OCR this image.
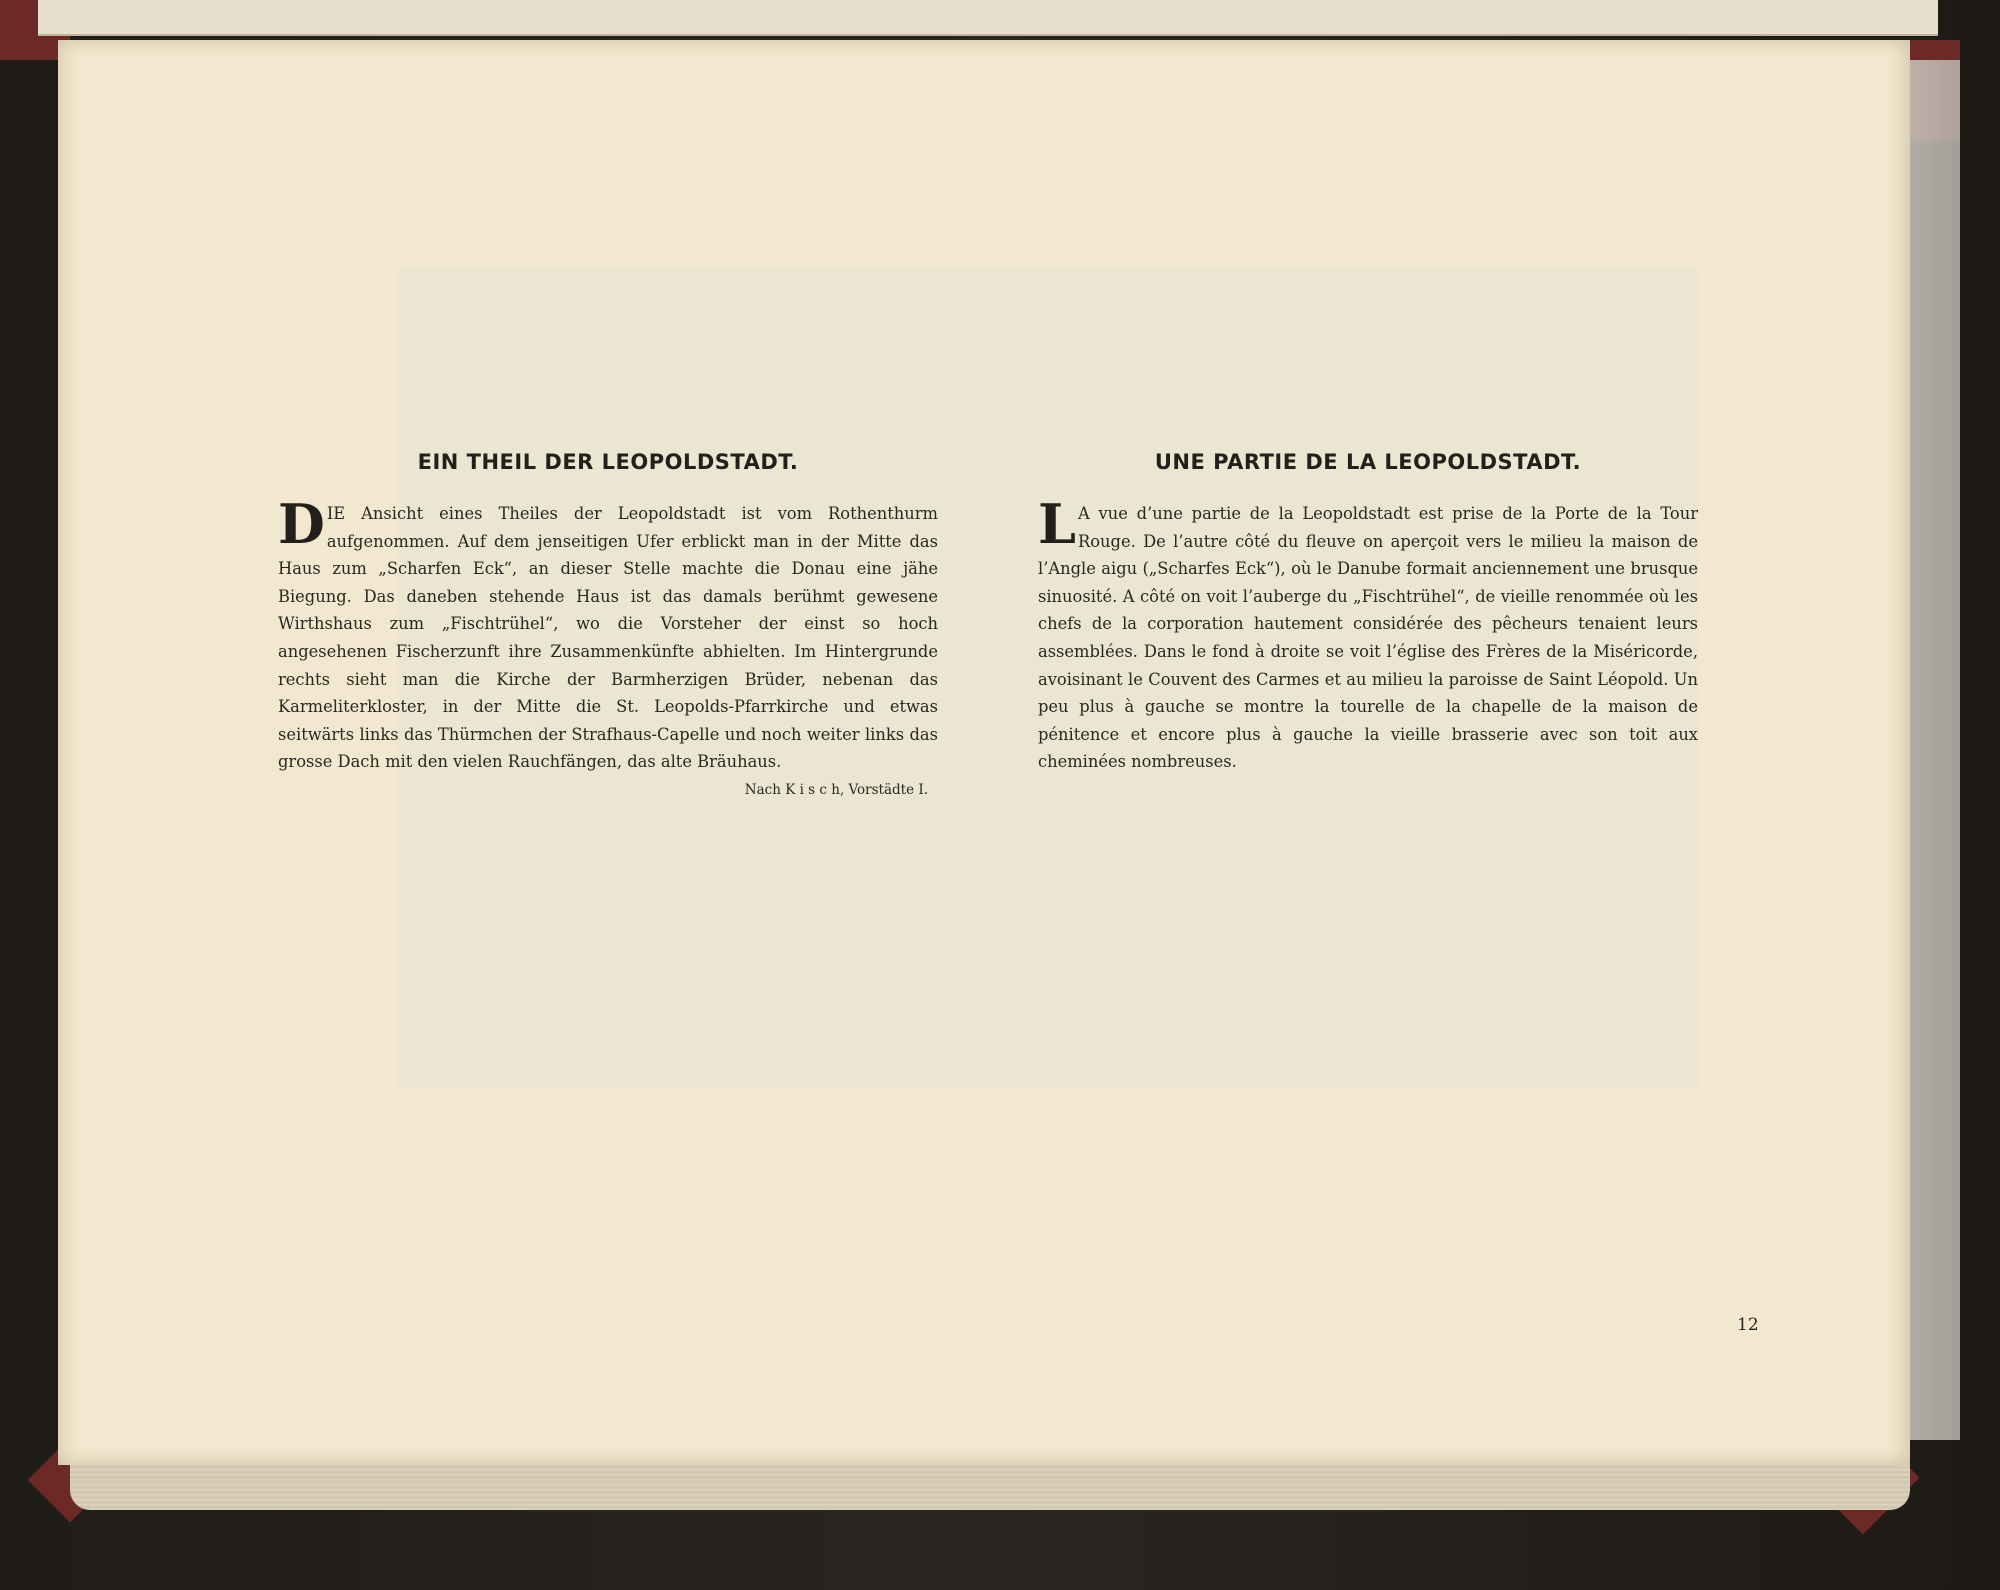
EIN THEIL DER LEOPOLDSTADT.

DIE Ansicht eines Theiles der Leopoldstadt ist vom Rothenthurm aufgenommen. Auf dem jenseitigen Ufer erblickt man in der Mitte das Haus zum „Scharfen Eck“, an dieser Stelle machte die Donau eine jähe Biegung. Das daneben stehende Haus ist das damals berühmt gewesene Wirthshaus zum „Fischtrühel“, wo die Vorsteher der einst so hoch angesehenen Fischerzunft ihre Zusammenkünfte abhielten. Im Hintergrunde rechts sieht man die Kirche der Barmherzigen Brüder, nebenan das Karmeliterkloster, in der Mitte die St. Leopolds-Pfarrkirche und etwas seitwärts links das Thürmchen der Strafhaus-Capelle und noch weiter links das grosse Dach mit den vielen Rauchfängen, das alte Bräuhaus.

Nach K i s c h, Vorstädte I.
UNE PARTIE DE LA LEOPOLDSTADT.

L A vue d’une partie de la Leopoldstadt est prise de la Porte de la Tour Rouge. De l’autre côté du fleuve on aperçoit vers le milieu la maison de l’Angle aigu („Scharfes Eck“), où le Danube formait anciennement une brusque sinuosité. A côté on voit l’auberge du „Fischtrühel“, de vieille renommée où les chefs de la corporation hautement considérée des pêcheurs tenaient leurs assemblées. Dans le fond à droite se voit l’église des Frères de la Miséricorde, avoisinant le Couvent des Carmes et au milieu la paroisse de Saint Léopold. Un peu plus à gauche se montre la tourelle de la chapelle de la maison de pénitence et encore plus à gauche la vieille brasserie avec son toit aux cheminées nombreuses.

12
